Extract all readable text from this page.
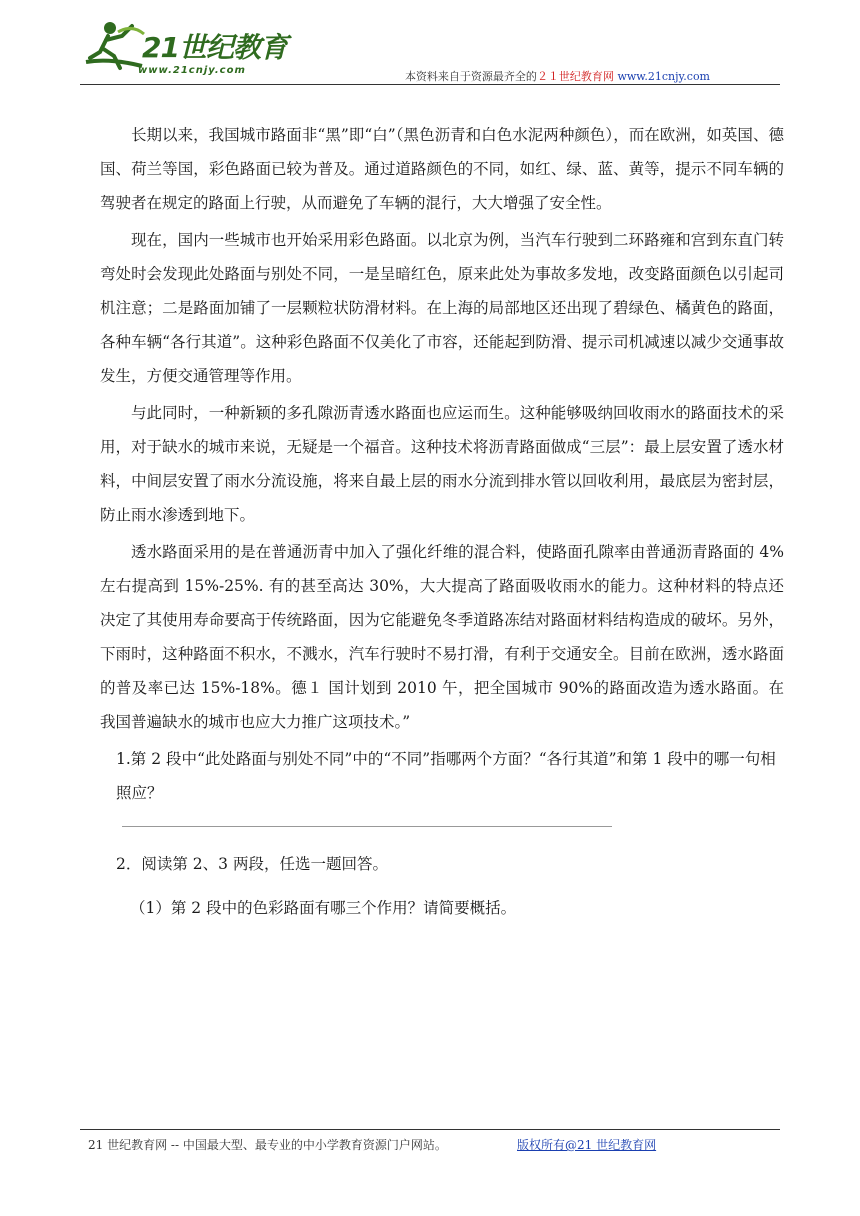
21世纪教育
www.21cnjy.com	本资料来自于资源最齐全的２１世纪教育网 www.21cnjy.com

长期以来，我国城市路面非“黑”即“白”（黑色沥青和白色水泥两种颜色），而在欧洲，如英国、德国、荷兰等国，彩色路面已较为普及。通过道路颜色的不同，如红、绿、蓝、黄等，提示不同车辆的驾驶者在规定的路面上行驶，从而避免了车辆的混行，大大增强了安全性。

现在，国内一些城市也开始采用彩色路面。以北京为例，当汽车行驶到二环路雍和宫到东直门转弯处时会发现此处路面与别处不同，一是呈暗红色，原来此处为事故多发地，改变路面颜色以引起司机注意；二是路面加铺了一层颗粒状防滑材料。在上海的局部地区还出现了碧绿色、橘黄色的路面，各种车辆“各行其道”。这种彩色路面不仅美化了市容，还能起到防滑、提示司机减速以减少交通事故发生，方便交通管理等作用。

与此同时，一种新颖的多孔隙沥青透水路面也应运而生。这种能够吸纳回收雨水的路面技术的采用，对于缺水的城市来说，无疑是一个福音。这种技术将沥青路面做成“三层”：最上层安置了透水材料，中间层安置了雨水分流设施，将来自最上层的雨水分流到排水管以回收利用，最底层为密封层，防止雨水渗透到地下。

透水路面采用的是在普通沥青中加入了强化纤维的混合料，使路面孔隙率由普通沥青路面的 4%左右提高到 15%-25%. 有的甚至高达 30%，大大提高了路面吸收雨水的能力。这种材料的特点还决定了其使用寿命要高于传统路面，因为它能避免冬季道路冻结对路面材料结构造成的破坏。另外，下雨时，这种路面不积水，不溅水，汽车行驶时不易打滑，有利于交通安全。目前在欧洲，透水路面的普及率已达 15%-18%。德１ 国计划到 2010 午，把全国城市 90%的路面改造为透水路面。在我国普遍缺水的城市也应大力推广这项技术。”

1.第 2 段中“此处路面与别处不同”中的“不同”指哪两个方面？“各行其道”和第 1 段中的哪一句相照应？

2．阅读第 2、3 两段，任选一题回答。

（1）第 2 段中的色彩路面有哪三个作用？请简要概括。

21 世纪教育网 -- 中国最大型、最专业的中小学教育资源门户网站。	版权所有@21 世纪教育网
